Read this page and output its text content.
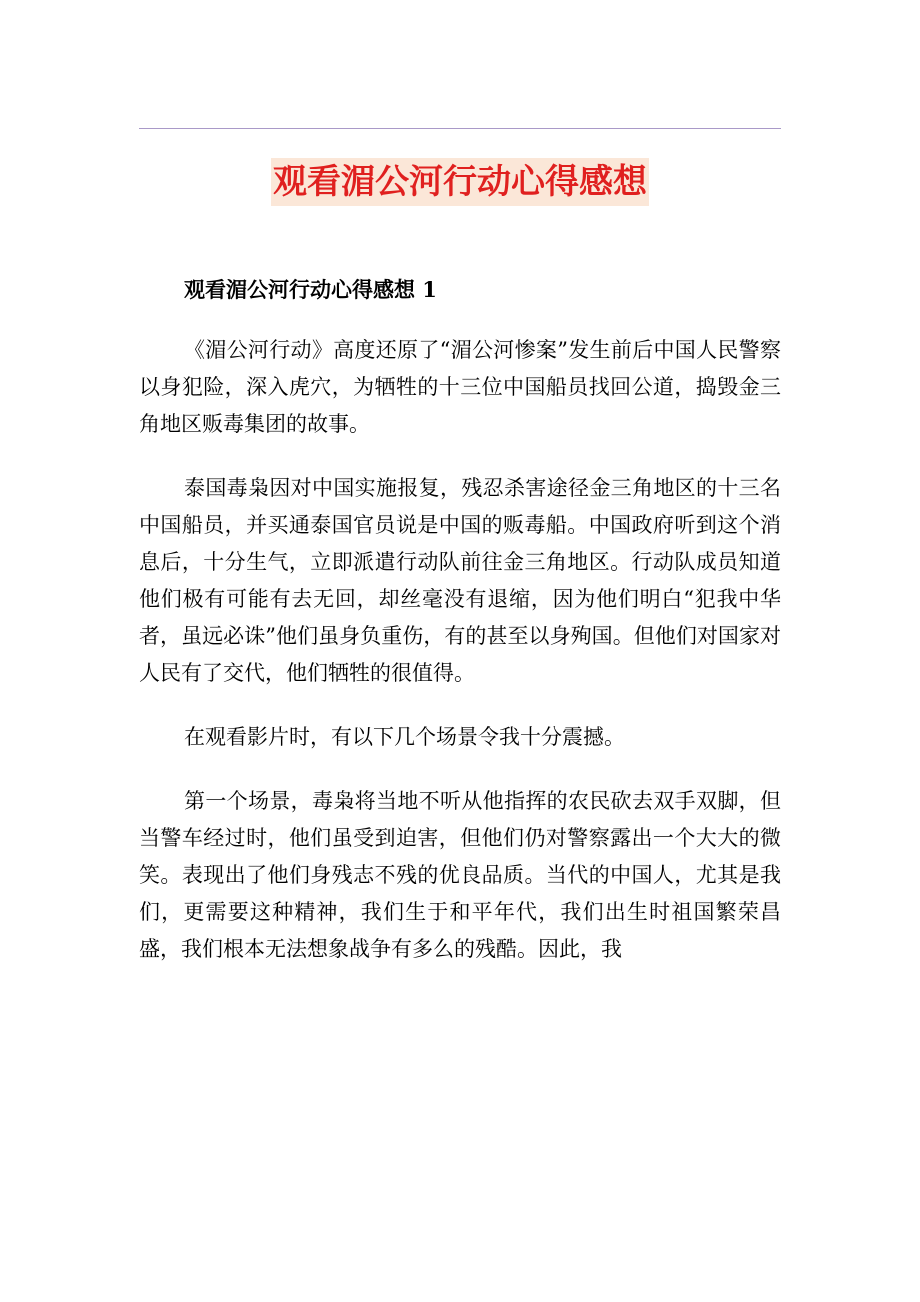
观看湄公河行动心得感想

观看湄公河行动心得感想 1

《湄公河行动》高度还原了“湄公河惨案”发生前后中国人民警察以身犯险，深入虎穴，为牺牲的十三位中国船员找回公道，捣毁金三角地区贩毒集团的故事。

泰国毒枭因对中国实施报复，残忍杀害途径金三角地区的十三名中国船员，并买通泰国官员说是中国的贩毒船。中国政府听到这个消息后，十分生气，立即派遣行动队前往金三角地区。行动队成员知道他们极有可能有去无回，却丝毫没有退缩，因为他们明白“犯我中华者，虽远必诛”他们虽身负重伤，有的甚至以身殉国。但他们对国家对人民有了交代，他们牺牲的很值得。

在观看影片时，有以下几个场景令我十分震撼。

第一个场景，毒枭将当地不听从他指挥的农民砍去双手双脚，但当警车经过时，他们虽受到迫害，但他们仍对警察露出一个大大的微笑。表现出了他们身残志不残的优良品质。当代的中国人，尤其是我们，更需要这种精神，我们生于和平年代，我们出生时祖国繁荣昌盛，我们根本无法想象战争有多么的残酷。因此，我
